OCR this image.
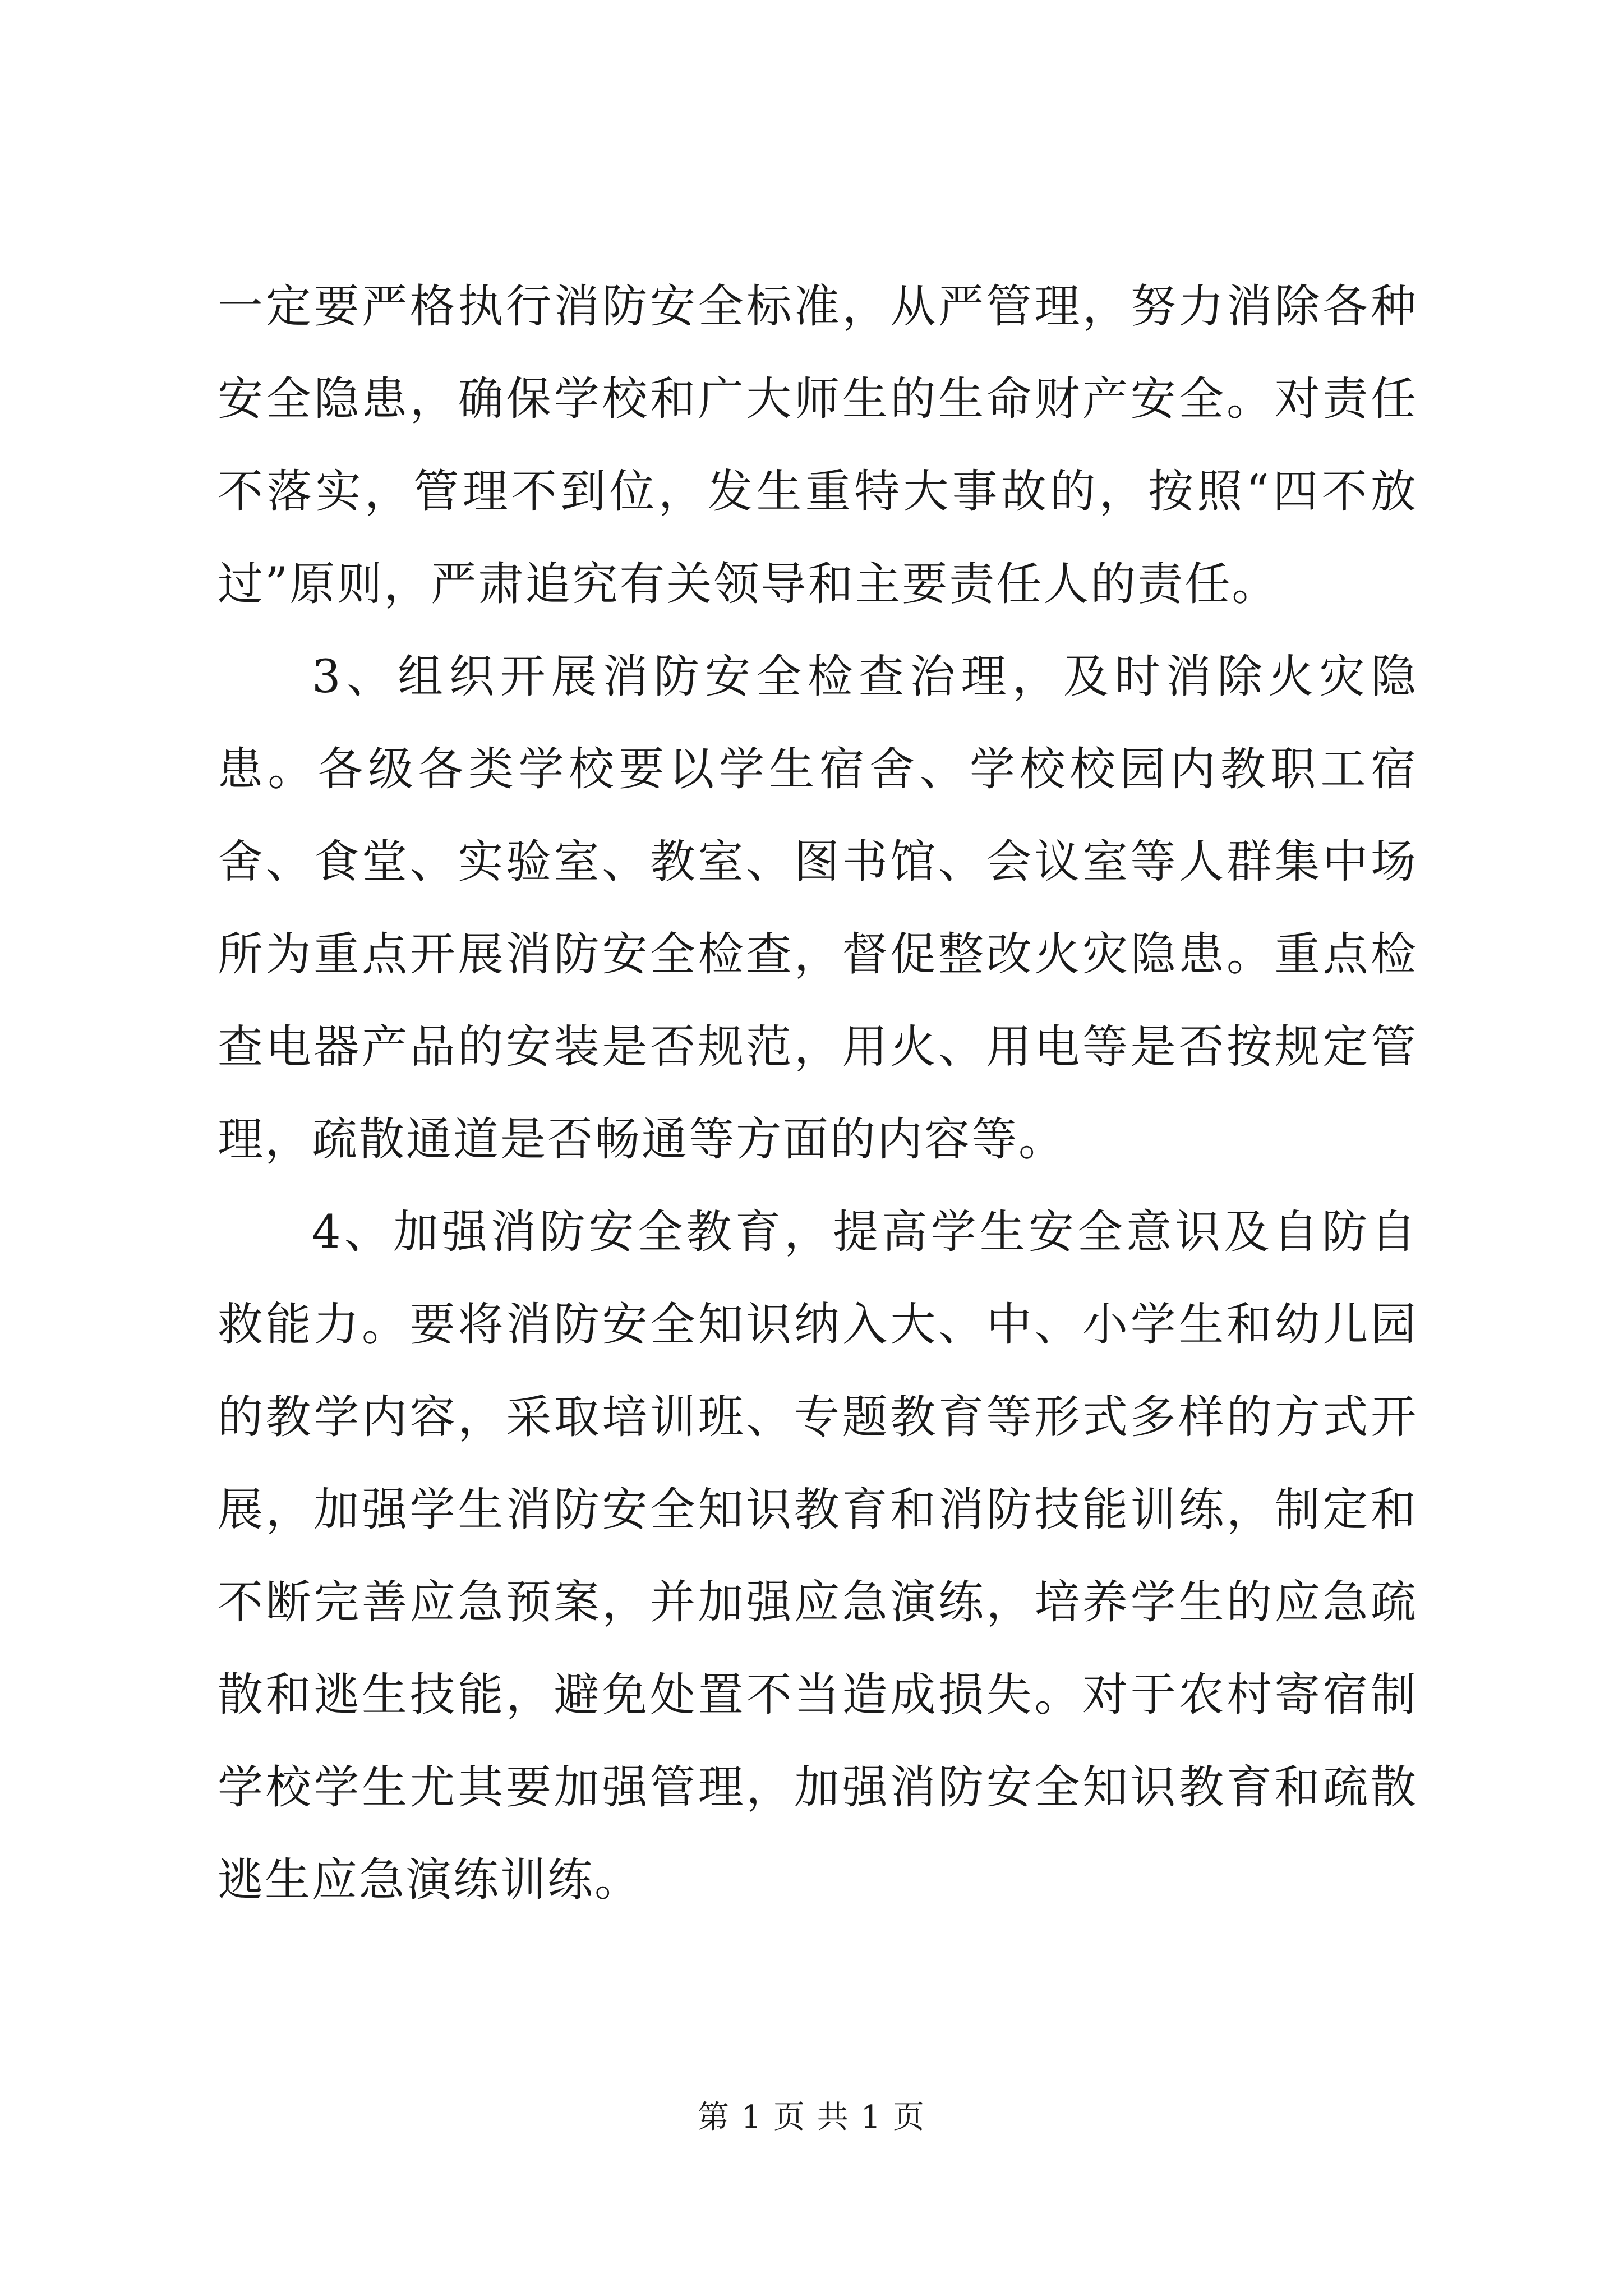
一定要严格执行消防安全标准，从严管理，努力消除各种安全隐患，确保学校和广大师生的生命财产安全。对责任不落实，管理不到位，发生重特大事故的，按照“四不放过”原则，严肃追究有关领导和主要责任人的责任。

3、组织开展消防安全检查治理，及时消除火灾隐患。各级各类学校要以学生宿舍、学校校园内教职工宿舍、食堂、实验室、教室、图书馆、会议室等人群集中场所为重点开展消防安全检查，督促整改火灾隐患。重点检查电器产品的安装是否规范，用火、用电等是否按规定管理，疏散通道是否畅通等方面的内容等。

4、加强消防安全教育，提高学生安全意识及自防自救能力。要将消防安全知识纳入大、中、小学生和幼儿园的教学内容，采取培训班、专题教育等形式多样的方式开展，加强学生消防安全知识教育和消防技能训练，制定和不断完善应急预案，并加强应急演练，培养学生的应急疏散和逃生技能，避免处置不当造成损失。对于农村寄宿制学校学生尤其要加强管理，加强消防安全知识教育和疏散逃生应急演练训练。

第 1 页 共 1 页
